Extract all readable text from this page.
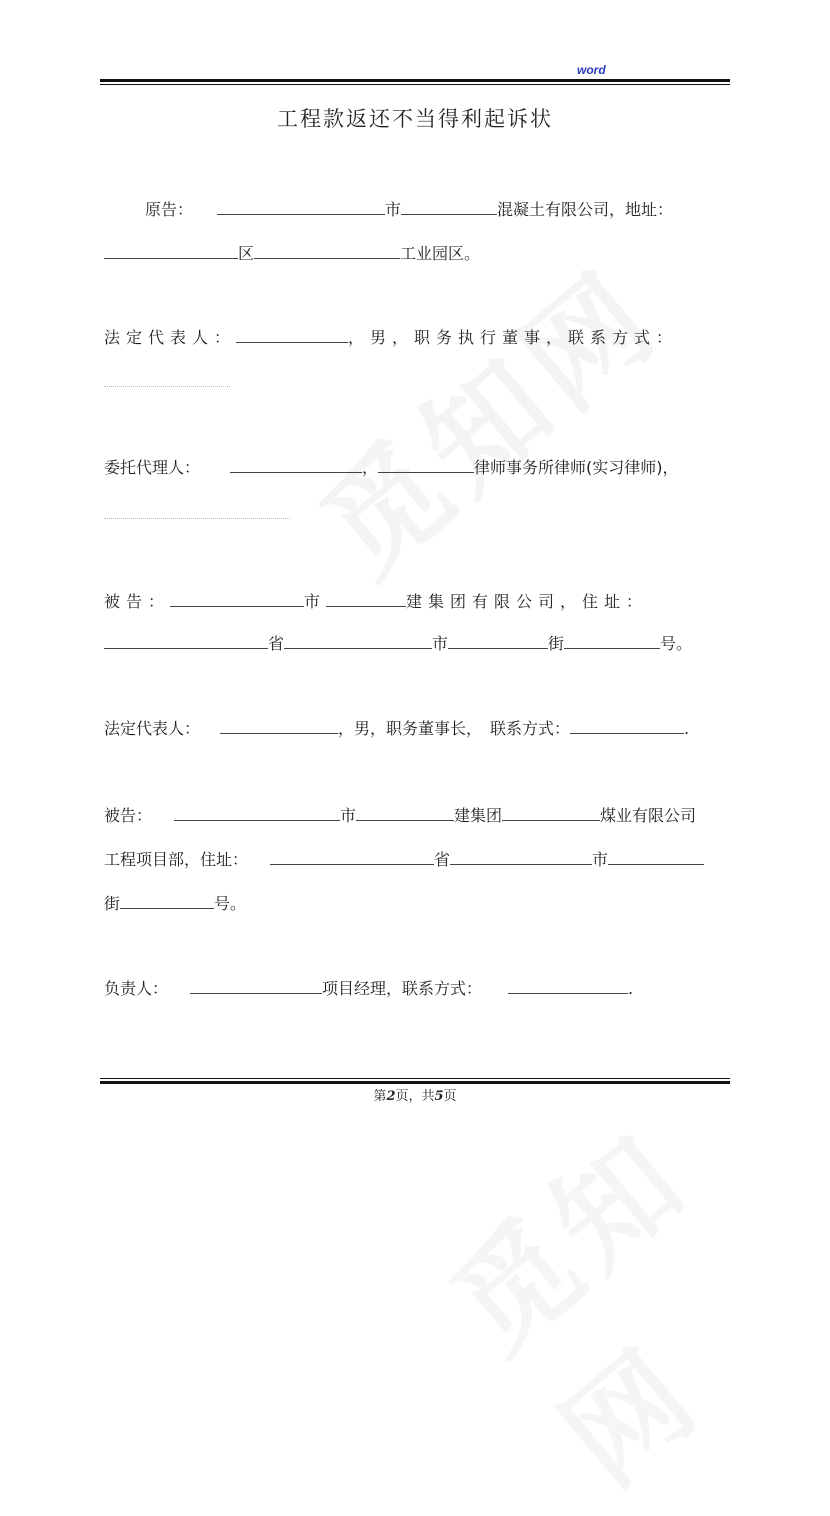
word
工程款返还不当得利起诉状
原告：	市	混凝土有限公司，地址：
区	工业园区。
法定代表人：	，男，职务执行董事，联系方式：
委托代理人：	，	律师事务所律师(实习律师)，
被告：	市	建集团有限公司，住址：
省	市	街	号。
法定代表人：	，男，职务董事长， 联系方式：	.
被告：	市	建集团	煤业有限公司
工程项目部，住址：	省	市
街	号。
负责人：	项目经理，联系方式：	.
第2页，共5页
